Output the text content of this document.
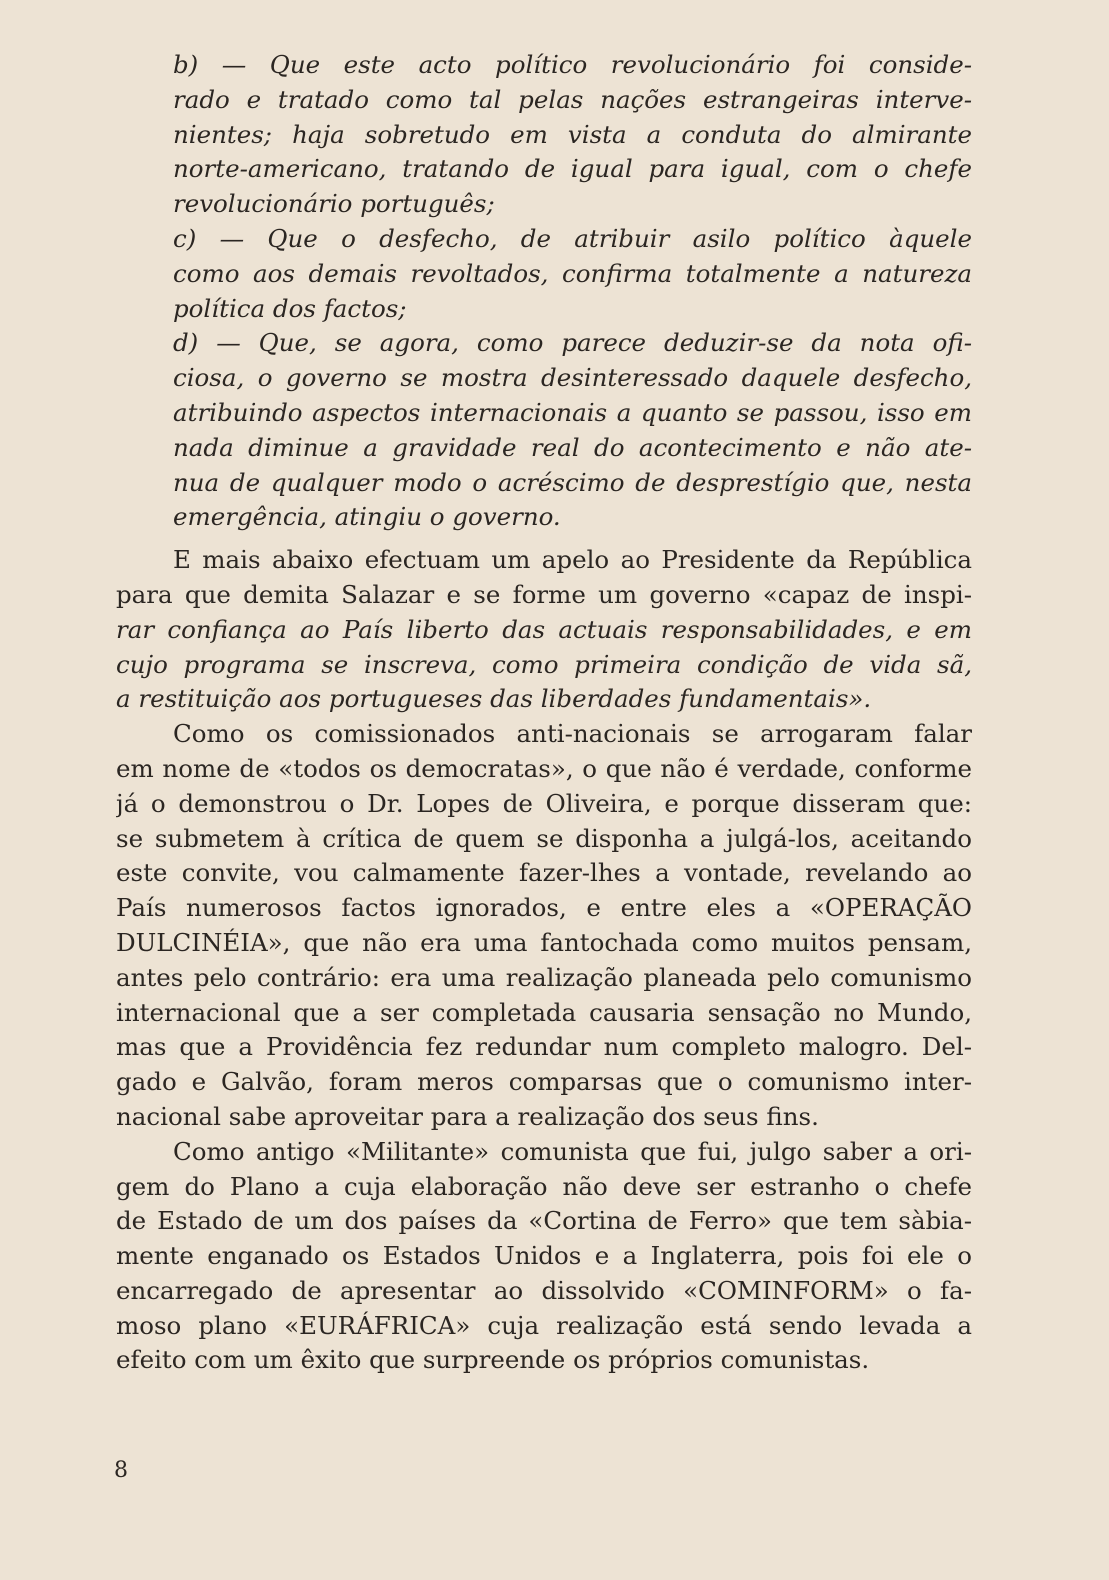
b) — Que este acto político revolucionário foi conside-
rado e tratado como tal pelas nações estrangeiras interve-
nientes; haja sobretudo em vista a conduta do almirante
norte-americano, tratando de igual para igual, com o chefe
revolucionário português;
c) — Que o desfecho, de atribuir asilo político àquele
como aos demais revoltados, confirma totalmente a natureza
política dos factos;
d) — Que, se agora, como parece deduzir-se da nota ofi-
ciosa, o governo se mostra desinteressado daquele desfecho,
atribuindo aspectos internacionais a quanto se passou, isso em
nada diminue a gravidade real do acontecimento e não ate-
nua de qualquer modo o acréscimo de desprestígio que, nesta
emergência, atingiu o governo.
E mais abaixo efectuam um apelo ao Presidente da República
para que demita Salazar e se forme um governo «capaz de inspi-
rar confiança ao País liberto das actuais responsabilidades, e em
cujo programa se inscreva, como primeira condição de vida sã,
a restituição aos portugueses das liberdades fundamentais».
Como os comissionados anti-nacionais se arrogaram falar
em nome de «todos os democratas», o que não é verdade, conforme
já o demonstrou o Dr. Lopes de Oliveira, e porque disseram que:
se submetem à crítica de quem se disponha a julgá-los, aceitando
este convite, vou calmamente fazer-lhes a vontade, revelando ao
País numerosos factos ignorados, e entre eles a «OPERAÇÃO
DULCINÉIA», que não era uma fantochada como muitos pensam,
antes pelo contrário: era uma realização planeada pelo comunismo
internacional que a ser completada causaria sensação no Mundo,
mas que a Providência fez redundar num completo malogro. Del-
gado e Galvão, foram meros comparsas que o comunismo inter-
nacional sabe aproveitar para a realização dos seus fins.
Como antigo «Militante» comunista que fui, julgo saber a ori-
gem do Plano a cuja elaboração não deve ser estranho o chefe
de Estado de um dos países da «Cortina de Ferro» que tem sàbia-
mente enganado os Estados Unidos e a Inglaterra, pois foi ele o
encarregado de apresentar ao dissolvido «COMINFORM» o fa-
moso plano «EURÁFRICA» cuja realização está sendo levada a
efeito com um êxito que surpreende os próprios comunistas.
8
